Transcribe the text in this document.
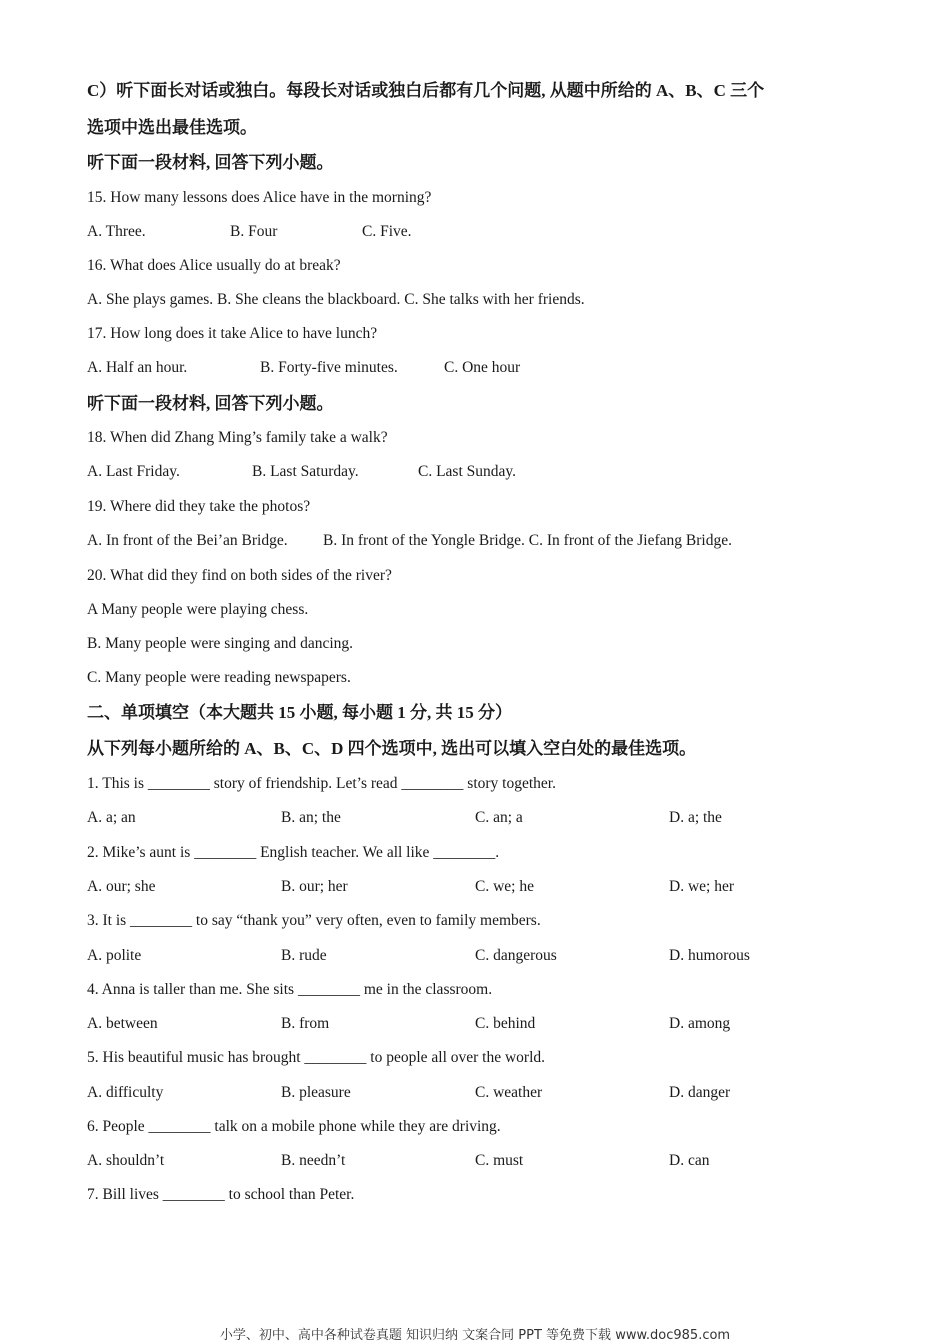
C）听下面长对话或独白。每段长对话或独白后都有几个问题, 从题中所给的 A、B、C 三个
选项中选出最佳选项。
听下面一段材料, 回答下列小题。
15. How many lessons does Alice have in the morning?
A. Three.	B. Four	C. Five.
16. What does Alice usually do at break?
A. She plays games. B. She cleans the blackboard. C. She talks with her friends.
17. How long does it take Alice to have lunch?
A. Half an hour.	B. Forty-five minutes.	C. One hour
听下面一段材料, 回答下列小题。
18. When did Zhang Ming’s family take a walk?
A. Last Friday.	B. Last Saturday.	C. Last Sunday.
19. Where did they take the photos?
A. In front of the Bei’an Bridge. B. In front of the Yongle Bridge. C. In front of the Jiefang Bridge.
20. What did they find on both sides of the river?
A Many people were playing chess.
B. Many people were singing and dancing.
C. Many people were reading newspapers.
二、单项填空（本大题共 15 小题, 每小题 1 分, 共 15 分）
从下列每小题所给的 A、B、C、D 四个选项中, 选出可以填入空白处的最佳选项。
1. This is ________ story of friendship. Let’s read ________ story together.
A. a; an	B. an; the	C. an; a	D. a; the
2. Mike’s aunt is ________ English teacher. We all like ________.
A. our; she	B. our; her	C. we; he	D. we; her
3. It is ________ to say “thank you” very often, even to family members.
A. polite	B. rude	C. dangerous	D. humorous
4. Anna is taller than me. She sits ________ me in the classroom.
A. between	B. from	C. behind	D. among
5. His beautiful music has brought ________ to people all over the world.
A. difficulty	B. pleasure	C. weather	D. danger
6. People ________ talk on a mobile phone while they are driving.
A. shouldn’t	B. needn’t	C. must	D. can
7. Bill lives ________ to school than Peter.
小学、初中、高中各种试卷真题 知识归纳 文案合同 PPT 等免费下载 www.doc985.com
